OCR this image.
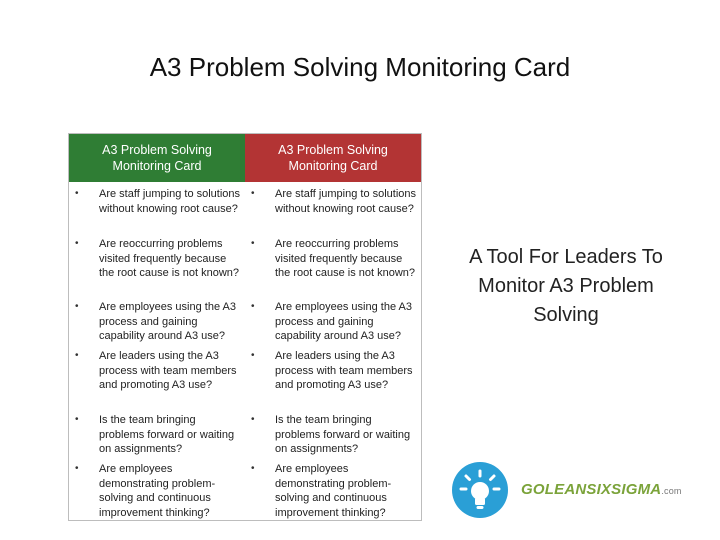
A3 Problem Solving Monitoring Card
A3 Problem Solving Monitoring Card
A3 Problem Solving Monitoring Card
• Are staff jumping to solutions without knowing root cause?
• Are staff jumping to solutions without knowing root cause?
• Are reoccurring problems visited frequently because the root cause is not known?
• Are reoccurring problems visited frequently because the root cause is not known?
• Are employees using the A3 process and gaining capability around A3 use?
• Are employees using the A3 process and gaining capability around A3 use?
• Are leaders using the A3 process with team members and promoting A3 use?
• Are leaders using the A3 process with team members and promoting A3 use?
• Is the team bringing problems forward or waiting on assignments?
• Is the team bringing problems forward or waiting on assignments?
• Are employees demonstrating problem-solving and continuous improvement thinking?
• Are employees demonstrating problem-solving and continuous improvement thinking?
A Tool For Leaders To Monitor A3 Problem Solving
GOLEANSIXSIGMA.com
